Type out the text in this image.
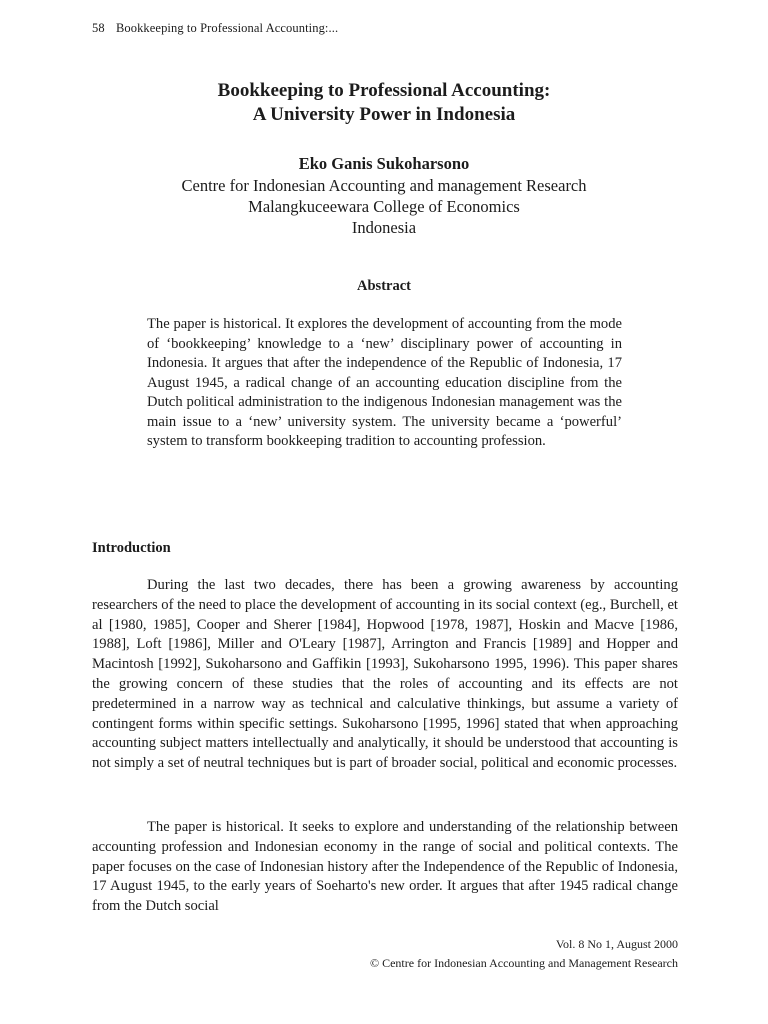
58 Bookkeeping to Professional Accounting:...
Bookkeeping to Professional Accounting:
A University Power in Indonesia
Eko Ganis Sukoharsono
Centre for Indonesian Accounting and management Research
Malangkuceewara College of Economics
Indonesia
Abstract
The paper is historical. It explores the development of accounting from the mode of ‘bookkeeping’ knowledge to a ‘new’ disciplinary power of accounting in Indonesia. It argues that after the independence of the Republic of Indonesia, 17 August 1945, a radical change of an accounting education discipline from the Dutch political administration to the indigenous Indonesian management was the main issue to a ‘new’ university system. The university became a ‘powerful’ system to transform bookkeeping tradition to accounting profession.
Introduction
During the last two decades, there has been a growing awareness by accounting researchers of the need to place the development of accounting in its social context (eg., Burchell, et al [1980, 1985], Cooper and Sherer [1984], Hopwood [1978, 1987], Hoskin and Macve [1986, 1988], Loft [1986], Miller and O'Leary [1987], Arrington and Francis [1989] and Hopper and Macintosh [1992], Sukoharsono and Gaffikin [1993], Sukoharsono 1995, 1996). This paper shares the growing concern of these studies that the roles of accounting and its effects are not predetermined in a narrow way as technical and calculative thinkings, but assume a variety of contingent forms within specific settings. Sukoharsono [1995, 1996] stated that when approaching accounting subject matters intellectually and analytically, it should be understood that accounting is not simply a set of neutral techniques but is part of broader social, political and economic processes.
The paper is historical. It seeks to explore and understanding of the relationship between accounting profession and Indonesian economy in the range of social and political contexts. The paper focuses on the case of Indonesian history after the Independence of the Republic of Indonesia, 17 August 1945, to the early years of Soeharto's new order. It argues that after 1945 radical change from the Dutch social
Vol. 8 No 1, August 2000
© Centre for Indonesian Accounting and Management Research
